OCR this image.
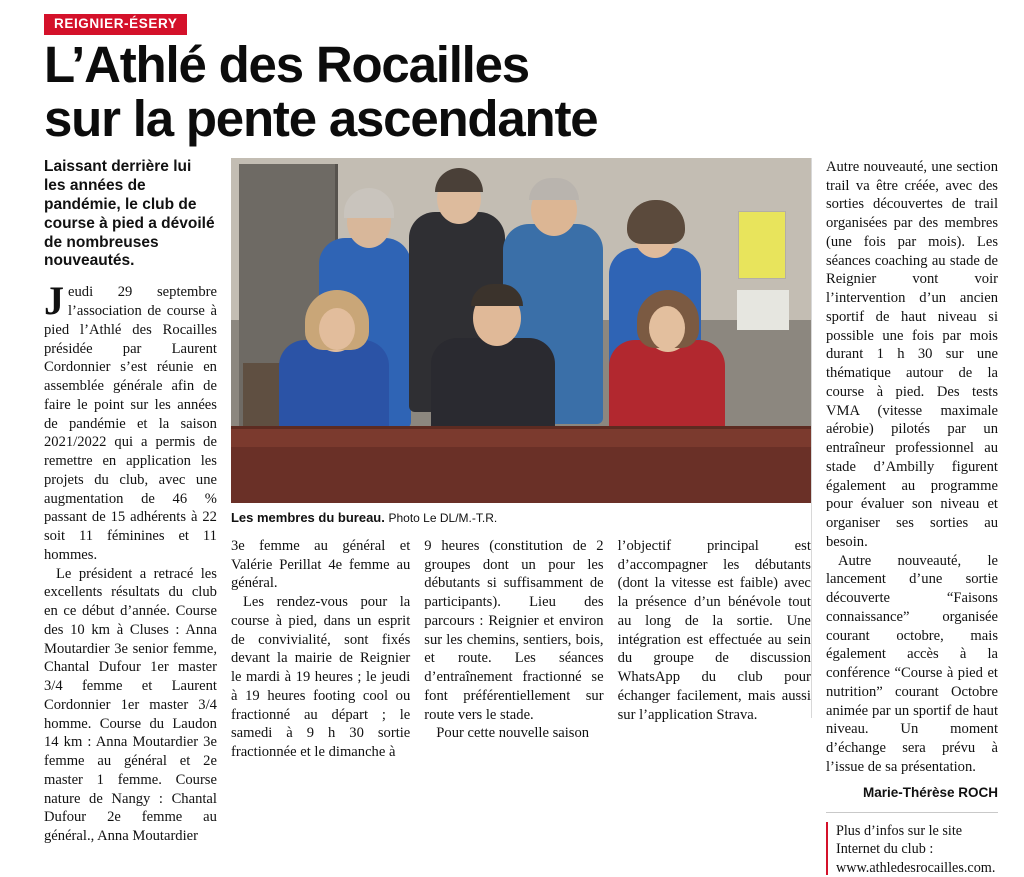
REIGNIER-ÉSERY
L’Athlé des Rocailles
sur la pente ascendante
Laissant derrière lui les années de pandémie, le club de course à pied a dévoilé de nombreuses nouveautés.

Jeudi 29 septembre l’association de course à pied l’Athlé des Rocailles présidée par Laurent Cordonnier s’est réunie en assemblée générale afin de faire le point sur les années de pandémie et la saison 2021/2022 qui a permis de remettre en application les projets du club, avec une augmentation de 46 % passant de 15 adhérents à 22 soit 11 féminines et 11 hommes.

Le président a retracé les excellents résultats du club en ce début d’année. Course des 10 km à Cluses : Anna Moutardier 3e senior femme, Chantal Dufour 1er master 3/4 femme et Laurent Cordonnier 1er master 3/4 homme. Course du Laudon 14 km : Anna Moutardier 3e femme au général et 2e master 1 femme. Course nature de Nangy : Chantal Dufour 2e femme au général., Anna Moutardier

Les membres du bureau. Photo Le DL/M.-T.R.

3e femme au général et Valérie Perillat 4e femme au général.

Les rendez-vous pour la course à pied, dans un esprit de convivialité, sont fixés devant la mairie de Reignier le mardi à 19 heures ; le jeudi à 19 heures footing cool ou fractionné au départ ; le samedi à 9 h 30 sortie fractionnée et le dimanche à

9 heures (constitution de 2 groupes dont un pour les débutants si suffisamment de participants). Lieu des parcours : Reignier et environ sur les chemins, sentiers, bois, et route. Les séances d’entraînement fractionné se font préférentiellement sur route vers le stade.

Pour cette nouvelle saison

l’objectif principal est d’accompagner les débutants (dont la vitesse est faible) avec la présence d’un bénévole tout au long de la sortie. Une intégration est effectuée au sein du groupe de discussion WhatsApp du club pour échanger facilement, mais aussi sur l’application Strava.

Autre nouveauté, une section trail va être créée, avec des sorties découvertes de trail organisées par des membres (une fois par mois). Les séances coaching au stade de Reignier vont voir l’intervention d’un ancien sportif de haut niveau si possible une fois par mois durant 1 h 30 sur une thématique autour de la course à pied. Des tests VMA (vitesse maximale aérobie) pilotés par un entraîneur professionnel au stade d’Ambilly figurent également au programme pour évaluer son niveau et organiser ses sorties au besoin.

Autre nouveauté, le lancement d’une sortie découverte “Faisons connaissance” organisée courant octobre, mais également accès à la conférence “Course à pied et nutrition” courant Octobre animée par un sportif de haut niveau. Un moment d’échange sera prévu à l’issue de sa présentation.

Marie-Thérèse ROCH
Plus d’infos sur le site Internet du club : www.athledesrocailles.com.
